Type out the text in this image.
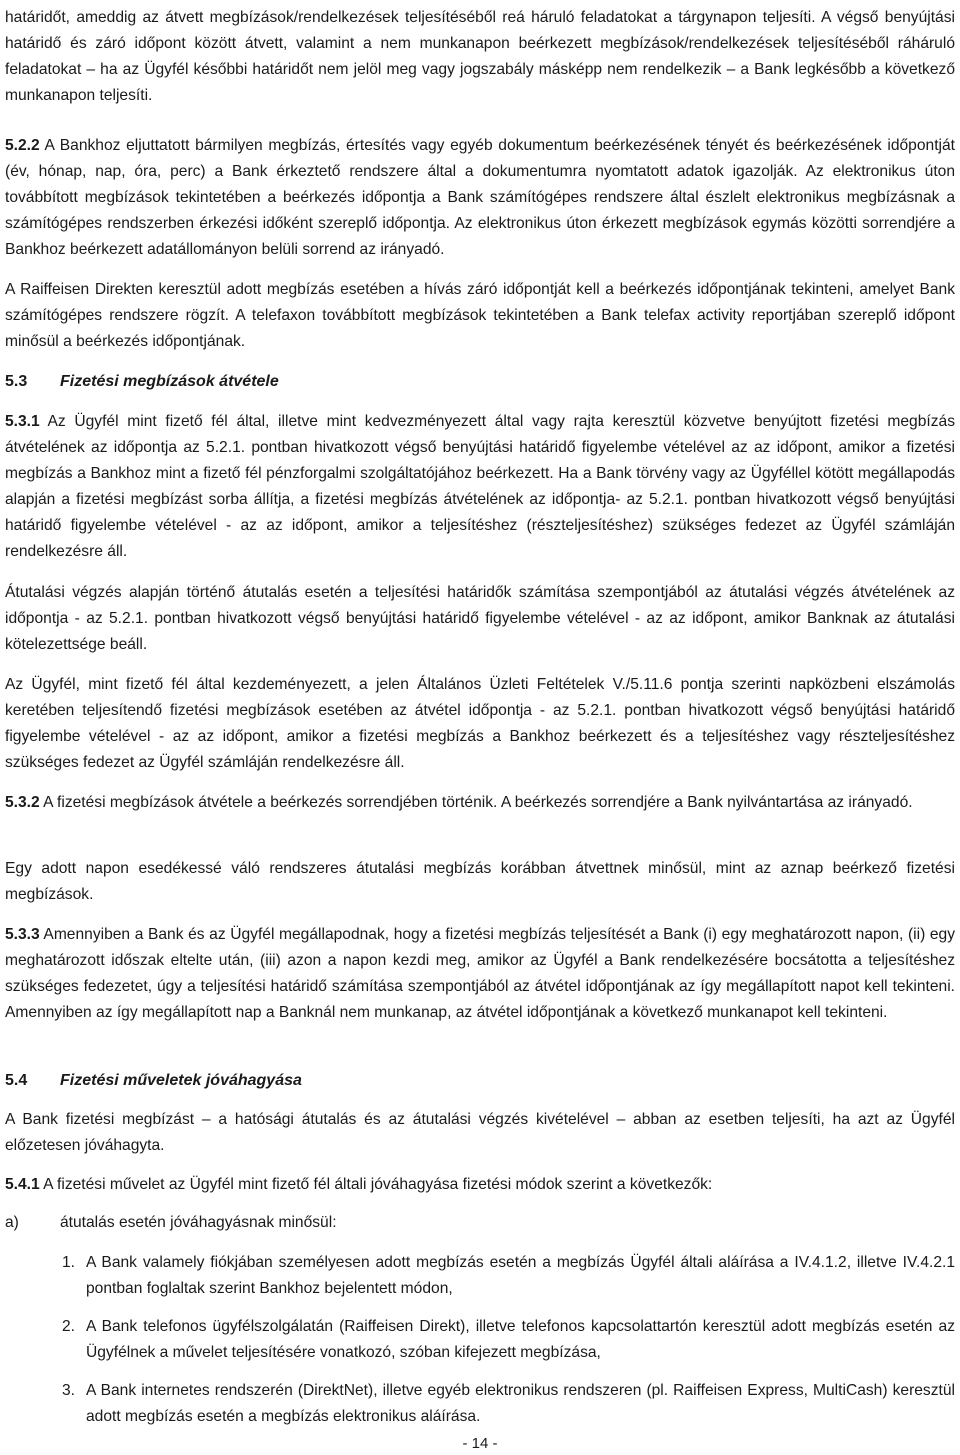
határidőt, ameddig az átvett megbízások/rendelkezések teljesítéséből reá háruló feladatokat a tárgynapon teljesíti. A végső benyújtási határidő és záró időpont között átvett, valamint a nem munkanapon beérkezett megbízások/rendelkezések teljesítéséből ráháruló feladatokat – ha az Ügyfél későbbi határidőt nem jelöl meg vagy jogszabály másképp nem rendelkezik – a Bank legkésőbb a következő munkanapon teljesíti.

5.2.2 A Bankhoz eljuttatott bármilyen megbízás, értesítés vagy egyéb dokumentum beérkezésének tényét és beérkezésének időpontját (év, hónap, nap, óra, perc) a Bank érkeztető rendszere által a dokumentumra nyomtatott adatok igazolják. Az elektronikus úton továbbított megbízások tekintetében a beérkezés időpontja a Bank számítógépes rendszere által észlelt elektronikus megbízásnak a számítógépes rendszerben érkezési időként szereplő időpontja. Az elektronikus úton érkezett megbízások egymás közötti sorrendjére a Bankhoz beérkezett adatállományon belüli sorrend az irányadó.

A Raiffeisen Direkten keresztül adott megbízás esetében a hívás záró időpontját kell a beérkezés időpontjának tekinteni, amelyet Bank számítógépes rendszere rögzít. A telefaxon továbbított megbízások tekintetében a Bank telefax activity reportjában szereplő időpont minősül a beérkezés időpontjának.

5.3 Fizetési megbízások átvétele

5.3.1 Az Ügyfél mint fizető fél által, illetve mint kedvezményezett által vagy rajta keresztül közvetve benyújtott fizetési megbízás átvételének az időpontja az 5.2.1. pontban hivatkozott végső benyújtási határidő figyelembe vételével az az időpont, amikor a fizetési megbízás a Bankhoz mint a fizető fél pénzforgalmi szolgáltatójához beérkezett. Ha a Bank törvény vagy az Ügyféllel kötött megállapodás alapján a fizetési megbízást sorba állítja, a fizetési megbízás átvételének az időpontja- az 5.2.1. pontban hivatkozott végső benyújtási határidő figyelembe vételével - az az időpont, amikor a teljesítéshez (részteljesítéshez) szükséges fedezet az Ügyfél számláján rendelkezésre áll.

Átutalási végzés alapján történő átutalás esetén a teljesítési határidők számítása szempontjából az átutalási végzés átvételének az időpontja - az 5.2.1. pontban hivatkozott végső benyújtási határidő figyelembe vételével - az az időpont, amikor Banknak az átutalási kötelezettsége beáll.

Az Ügyfél, mint fizető fél által kezdeményezett, a jelen Általános Üzleti Feltételek V./5.11.6 pontja szerinti napközbeni elszámolás keretében teljesítendő fizetési megbízások esetében az átvétel időpontja - az 5.2.1. pontban hivatkozott végső benyújtási határidő figyelembe vételével - az az időpont, amikor a fizetési megbízás a Bankhoz beérkezett és a teljesítéshez vagy részteljesítéshez szükséges fedezet az Ügyfél számláján rendelkezésre áll.

5.3.2 A fizetési megbízások átvétele a beérkezés sorrendjében történik. A beérkezés sorrendjére a Bank nyilvántartása az irányadó.

Egy adott napon esedékessé váló rendszeres átutalási megbízás korábban átvettnek minősül, mint az aznap beérkező fizetési megbízások.

5.3.3 Amennyiben a Bank és az Ügyfél megállapodnak, hogy a fizetési megbízás teljesítését a Bank (i) egy meghatározott napon, (ii) egy meghatározott időszak eltelte után, (iii) azon a napon kezdi meg, amikor az Ügyfél a Bank rendelkezésére bocsátotta a teljesítéshez szükséges fedezetet, úgy a teljesítési határidő számítása szempontjából az átvétel időpontjának az így megállapított napot kell tekinteni. Amennyiben az így megállapított nap a Banknál nem munkanap, az átvétel időpontjának a következő munkanapot kell tekinteni.

5.4 Fizetési műveletek jóváhagyása

A Bank fizetési megbízást – a hatósági átutalás és az átutalási végzés kivételével – abban az esetben teljesíti, ha azt az Ügyfél előzetesen jóváhagyta.

5.4.1 A fizetési művelet az Ügyfél mint fizető fél általi jóváhagyása fizetési módok szerint a következők:

a)	átutalás esetén jóváhagyásnak minősül:
1. A Bank valamely fiókjában személyesen adott megbízás esetén a megbízás Ügyfél általi aláírása a IV.4.1.2, illetve IV.4.2.1 pontban foglaltak szerint Bankhoz bejelentett módon,
2. A Bank telefonos ügyfélszolgálatán (Raiffeisen Direkt), illetve telefonos kapcsolattartón keresztül adott megbízás esetén az Ügyfélnek a művelet teljesítésére vonatkozó, szóban kifejezett megbízása,
3. A Bank internetes rendszerén (DirektNet), illetve egyéb elektronikus rendszeren (pl. Raiffeisen Express, MultiCash) keresztül adott megbízás esetén a megbízás elektronikus aláírása.
- 14 -
